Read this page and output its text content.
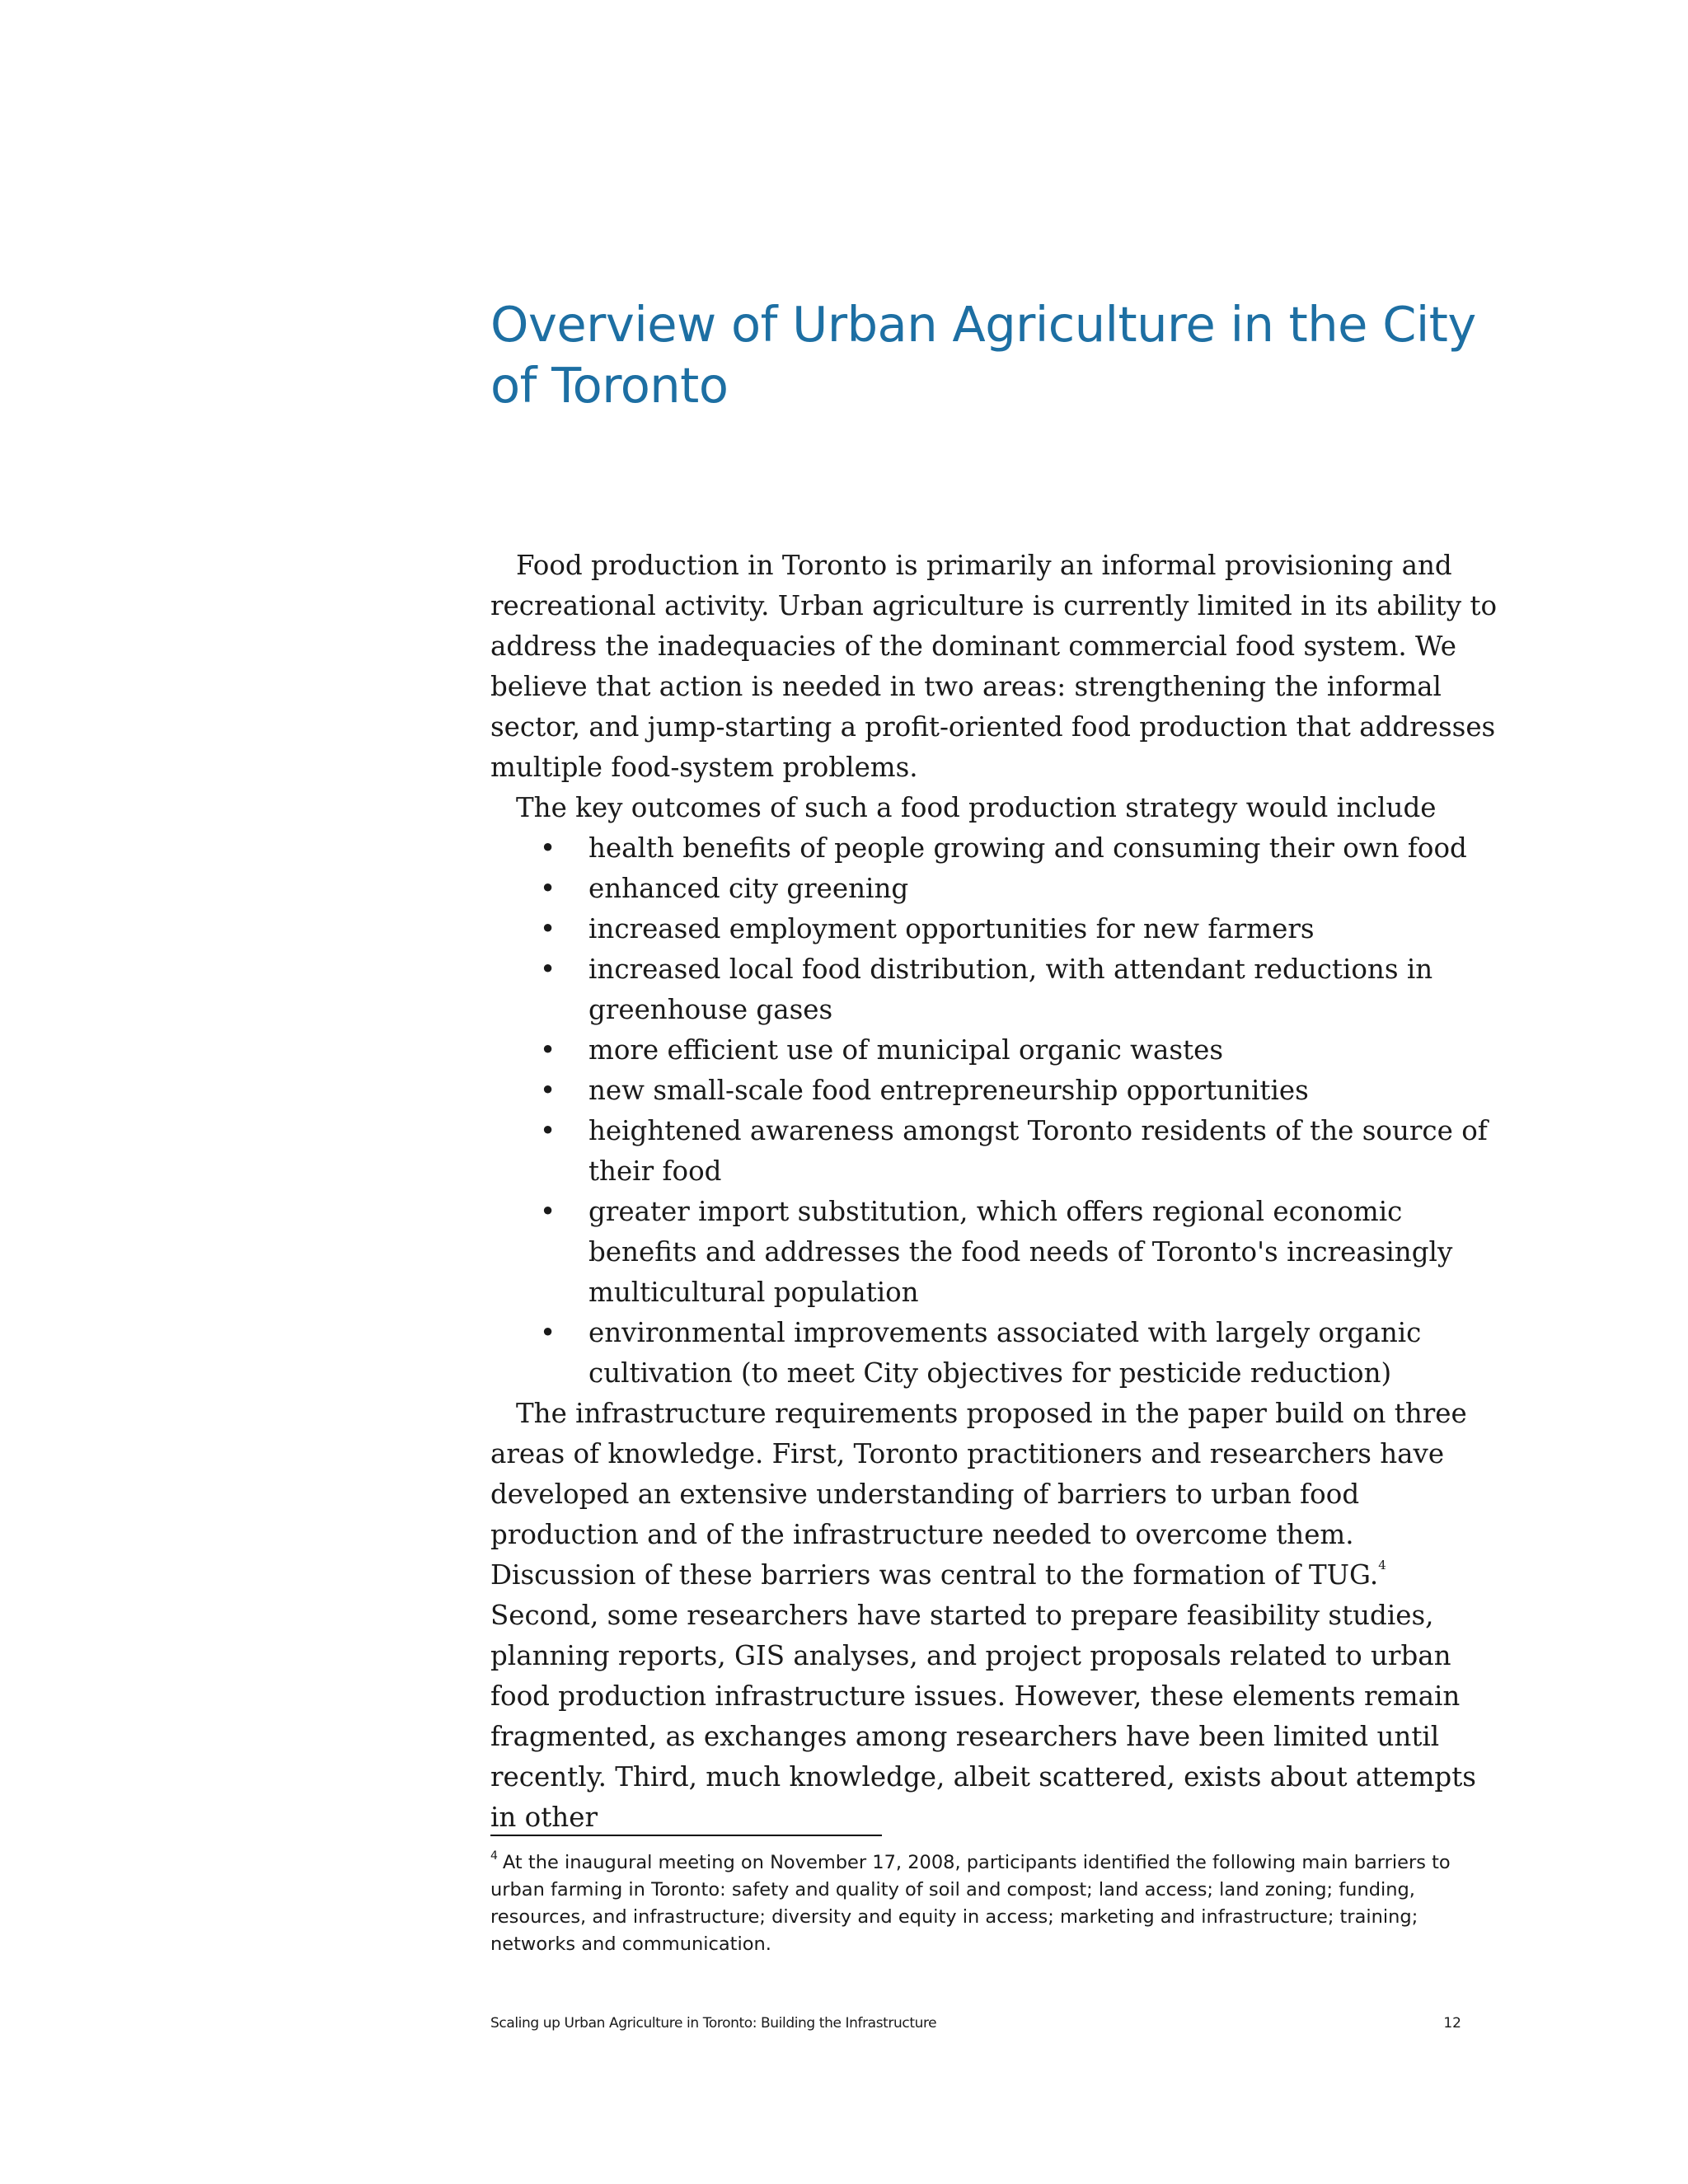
Overview of Urban Agriculture in the City of Toronto

Food production in Toronto is primarily an informal provisioning and recreational activity. Urban agriculture is currently limited in its ability to address the inadequacies of the dominant commercial food system. We believe that action is needed in two areas: strengthening the informal sector, and jump-starting a profit-oriented food production that addresses multiple food-system problems.

The key outcomes of such a food production strategy would include

• health benefits of people growing and consuming their own food
• enhanced city greening
• increased employment opportunities for new farmers
• increased local food distribution, with attendant reductions in greenhouse gases
• more efficient use of municipal organic wastes
• new small-scale food entrepreneurship opportunities
• heightened awareness amongst Toronto residents of the source of their food
• greater import substitution, which offers regional economic benefits and addresses the food needs of Toronto's increasingly multicultural population
• environmental improvements associated with largely organic cultivation (to meet City objectives for pesticide reduction)

The infrastructure requirements proposed in the paper build on three areas of knowledge. First, Toronto practitioners and researchers have developed an extensive understanding of barriers to urban food production and of the infrastructure needed to overcome them. Discussion of these barriers was central to the formation of TUG.$^4$ Second, some researchers have started to prepare feasibility studies, planning reports, GIS analyses, and project proposals related to urban food production infrastructure issues. However, these elements remain fragmented, as exchanges among researchers have been limited until recently. Third, much knowledge, albeit scattered, exists about attempts in other

$^4$ At the inaugural meeting on November 17, 2008, participants identified the following main barriers to urban farming in Toronto: safety and quality of soil and compost; land access; land zoning; funding, resources, and infrastructure; diversity and equity in access; marketing and infrastructure; training; networks and communication.

Scaling up Urban Agriculture in Toronto: Building the Infrastructure	12
